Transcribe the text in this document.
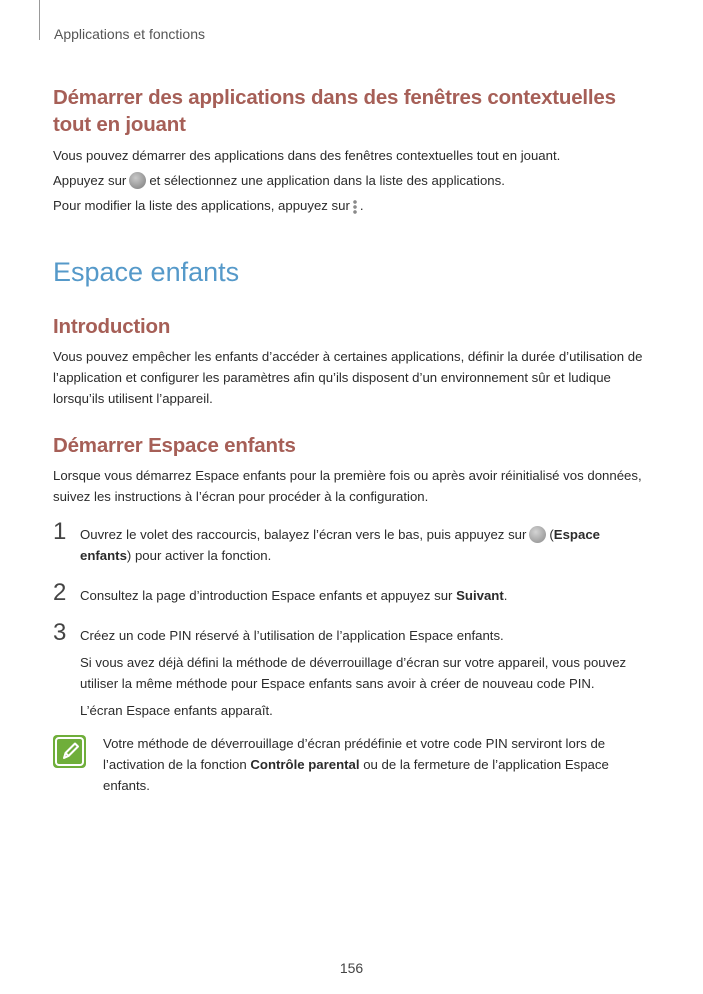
Applications et fonctions
Démarrer des applications dans des fenêtres contextuelles tout en jouant

Vous pouvez démarrer des applications dans des fenêtres contextuelles tout en jouant.

Appuyez sur et sélectionnez une application dans la liste des applications.

Pour modifier la liste des applications, appuyez sur .

Espace enfants
Introduction

Vous pouvez empêcher les enfants d’accéder à certaines applications, définir la durée d’utilisation de l’application et configurer les paramètres afin qu’ils disposent d’un environnement sûr et ludique lorsqu’ils utilisent l’appareil.

Démarrer Espace enfants

Lorsque vous démarrez Espace enfants pour la première fois ou après avoir réinitialisé vos données, suivez les instructions à l’écran pour procéder à la configuration.

1 Ouvrez le volet des raccourcis, balayez l’écran vers le bas, puis appuyez sur (Espace enfants) pour activer la fonction.

2 Consultez la page d’introduction Espace enfants et appuyez sur Suivant.

3 Créez un code PIN réservé à l’utilisation de l’application Espace enfants.

Si vous avez déjà défini la méthode de déverrouillage d’écran sur votre appareil, vous pouvez utiliser la même méthode pour Espace enfants sans avoir à créer de nouveau code PIN.

L’écran Espace enfants apparaît.

Votre méthode de déverrouillage d’écran prédéfinie et votre code PIN serviront lors de l’activation de la fonction Contrôle parental ou de la fermeture de l’application Espace enfants.

156
